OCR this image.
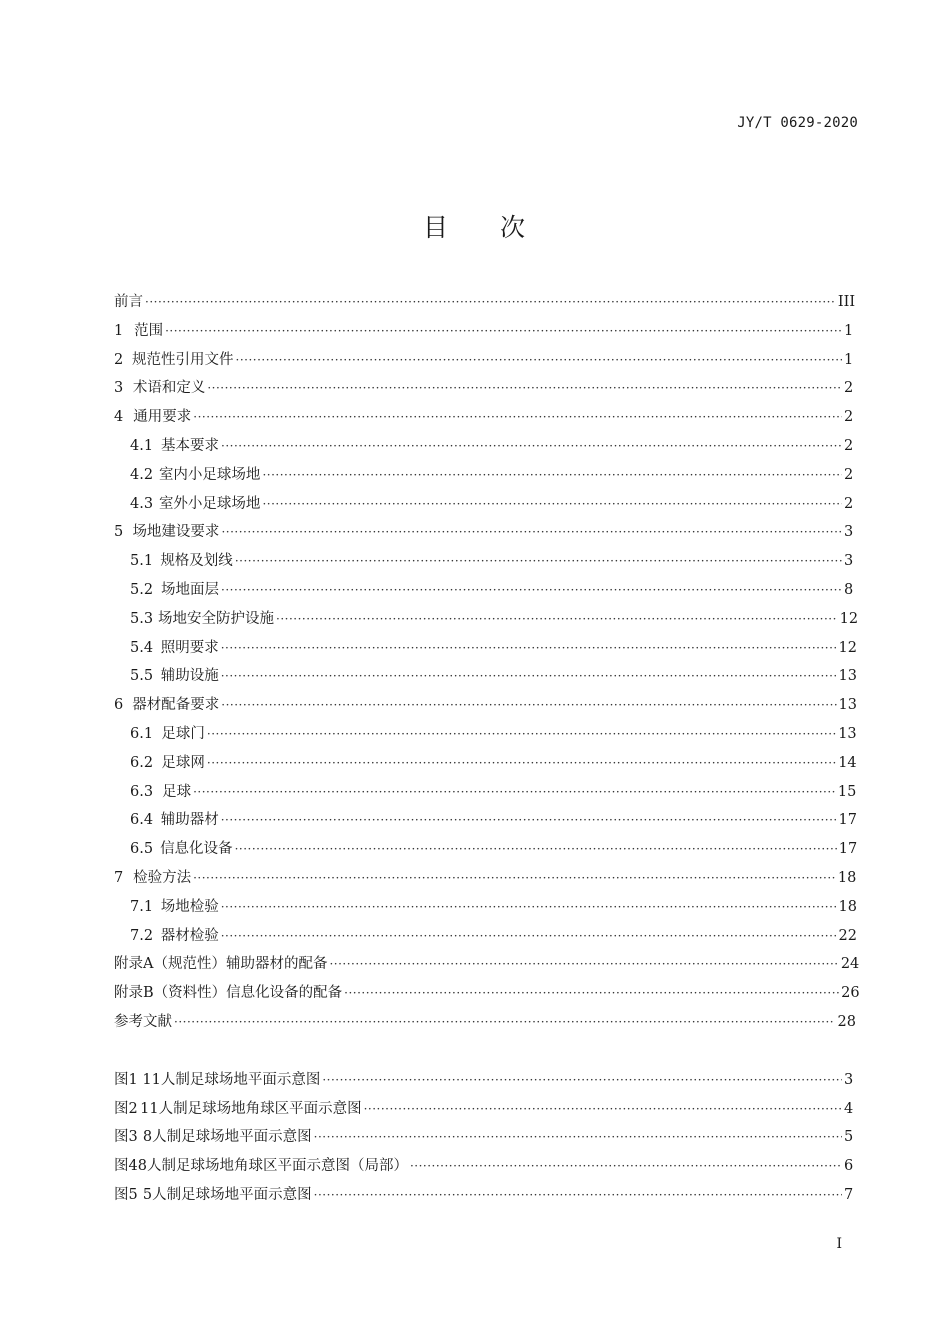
JY/T 0629-2020
目 次
前言 ·····	III
1 范围 ·····	1
2 规范性引用文件 ·····	1
3 术语和定义 ·····	2
4 通用要求 ·····	2
4.1 基本要求 ·····	2
4.2 室内小足球场地 ·····	2
4.3 室外小足球场地 ·····	2
5 场地建设要求 ·····	3
5.1 规格及划线 ·····	3
5.2 场地面层 ·····	8
5.3 场地安全防护设施 ·····	12
5.4 照明要求 ·····	12
5.5 辅助设施 ·····	13
6 器材配备要求 ·····	13
6.1 足球门 ·····	13
6.2 足球网 ·····	14
6.3 足球 ·····	15
6.4 辅助器材 ·····	17
6.5 信息化设备 ·····	17
7 检验方法 ·····	18
7.1 场地检验 ·····	18
7.2 器材检验 ·····	22
附录A（规范性） 辅助器材的配备 ·····	24
附录B（资料性） 信息化设备的配备 ·····	26
参考文献 ·····	28
图1 11人制足球场地平面示意图 ·····	3
图2 11人制足球场地角球区平面示意图 ·····	4
图3 8人制足球场地平面示意图 ·····	5
图4 8人制足球场地角球区平面示意图（局部） ·····	6
图5 5人制足球场地平面示意图 ·····	7
I
